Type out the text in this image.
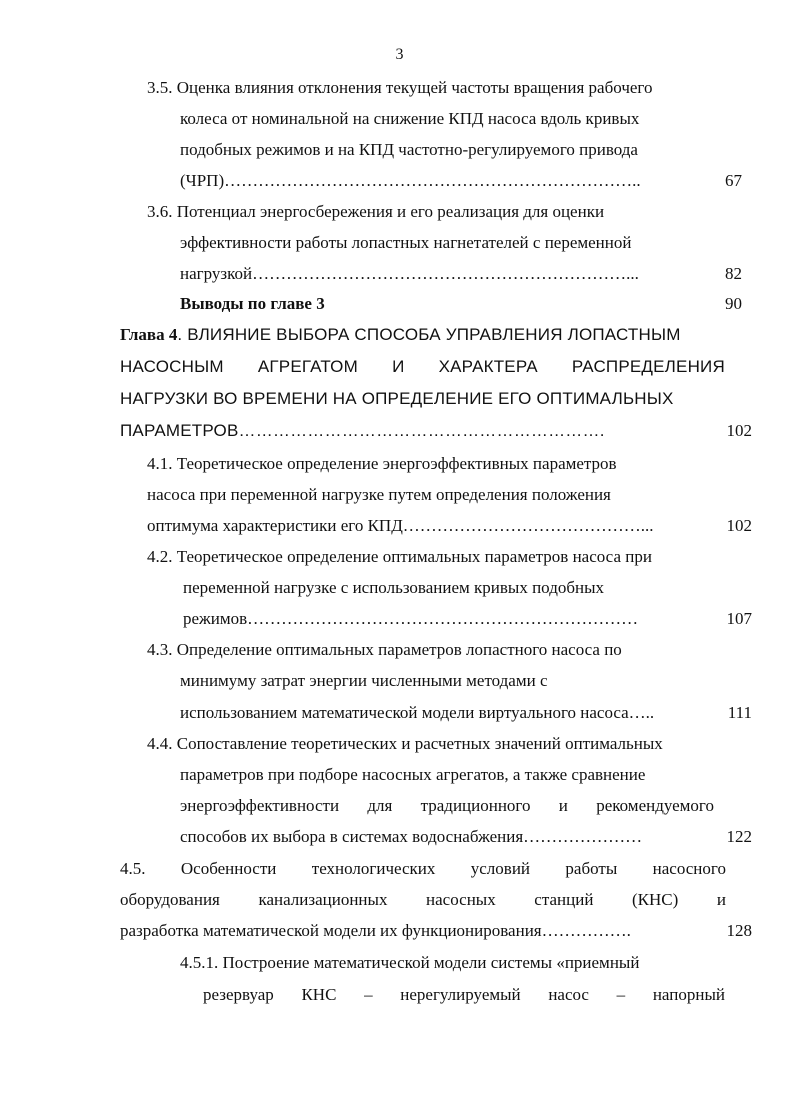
3
3.5. Оценка влияния отклонения текущей частоты вращения рабочего
колеса от номинальной на снижение КПД насоса вдоль кривых
подобных режимов и на КПД частотно-регулируемого привода
(ЧРП)………………………………………………………………..	67
3.6. Потенциал энергосбережения и его реализация для оценки
эффективности работы лопастных нагнетателей с переменной
нагрузкой…………………………………………………………...	82
Выводы по главе 3	90
Глава 4. ВЛИЯНИЕ ВЫБОРА СПОСОБА УПРАВЛЕНИЯ ЛОПАСТНЫМ
НАСОСНЫМ АГРЕГАТОМ И ХАРАКТЕРА РАСПРЕДЕЛЕНИЯ
НАГРУЗКИ ВО ВРЕМЕНИ НА ОПРЕДЕЛЕНИЕ ЕГО ОПТИМАЛЬНЫХ
ПАРАМЕТРОВ……………………………………………………….	102
4.1. Теоретическое определение энергоэффективных параметров
насоса при переменной нагрузке путем определения положения
оптимума характеристики его КПД……………………………………...	102
4.2. Теоретическое определение оптимальных параметров насоса при
переменной нагрузке с использованием кривых подобных
режимов……………………………………………………………	107
4.3. Определение оптимальных параметров лопастного насоса по
минимуму затрат энергии численными методами с
использованием математической модели виртуального насоса…..	111
4.4. Сопоставление теоретических и расчетных значений оптимальных
параметров при подборе насосных агрегатов, а также сравнение
энергоэффективности для традиционного и рекомендуемого
способов их выбора в системах водоснабжения…………………	122
4.5. Особенности технологических условий работы насосного
оборудования канализационных насосных станций (КНС) и
разработка математической модели их функционирования…………….	128
4.5.1. Построение математической модели системы «приемный
резервуар КНС – нерегулируемый насос – напорный
